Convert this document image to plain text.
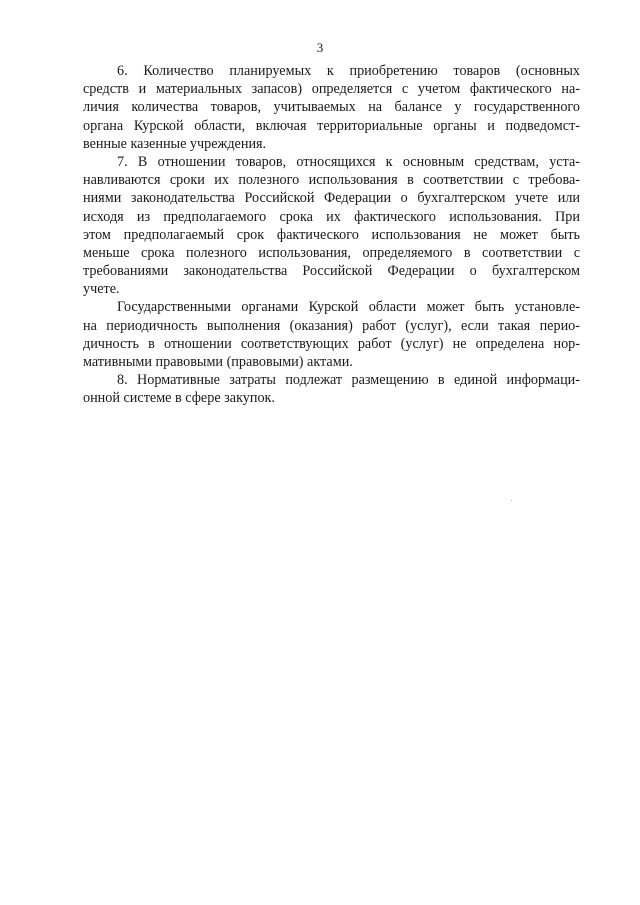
3
6. Количество планируемых к приобретению товаров (основных
средств и материальных запасов) определяется с учетом фактического на-
личия количества товаров, учитываемых на балансе у государственного
органа Курской области, включая территориальные органы и подведомст-
венные казенные учреждения.
7. В отношении товаров, относящихся к основным средствам, уста-
навливаются сроки их полезного использования в соответствии с требова-
ниями законодательства Российской Федерации о бухгалтерском учете или
исходя из предполагаемого срока их фактического использования. При
этом предполагаемый срок фактического использования не может быть
меньше срока полезного использования, определяемого в соответствии с
требованиями законодательства Российской Федерации о бухгалтерском
учете.
Государственными органами Курской области может быть установле-
на периодичность выполнения (оказания) работ (услуг), если такая перио-
дичность в отношении соответствующих работ (услуг) не определена нор-
мативными правовыми (правовыми) актами.
8. Нормативные затраты подлежат размещению в единой информаци-
онной системе в сфере закупок.
